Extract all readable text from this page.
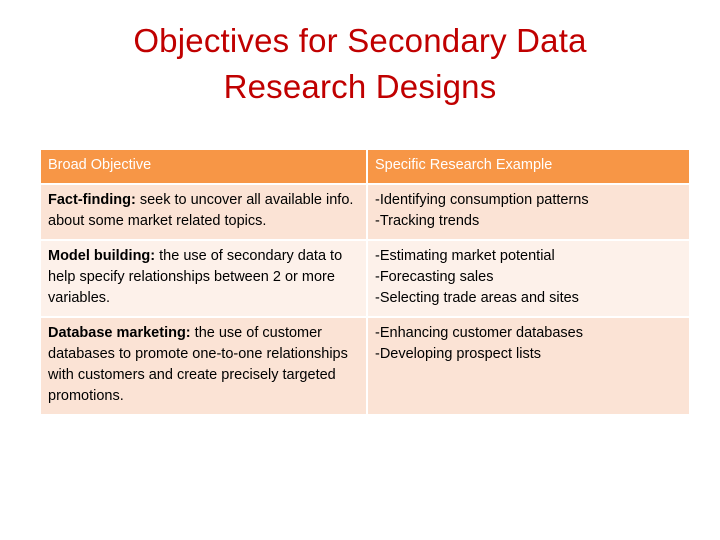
Objectives for Secondary Data
Research Designs
Broad Objective	Specific Research Example
Fact-finding: seek to uncover all available info. about some market related topics.	-Identifying consumption patterns
-Tracking trends

Model building: the use of secondary data to help specify relationships between 2 or more variables.	-Estimating market potential
-Forecasting sales
-Selecting trade areas and sites

Database marketing: the use of customer databases to promote one-to-one relationships with customers and create precisely targeted promotions.	-Enhancing customer databases
-Developing prospect lists
